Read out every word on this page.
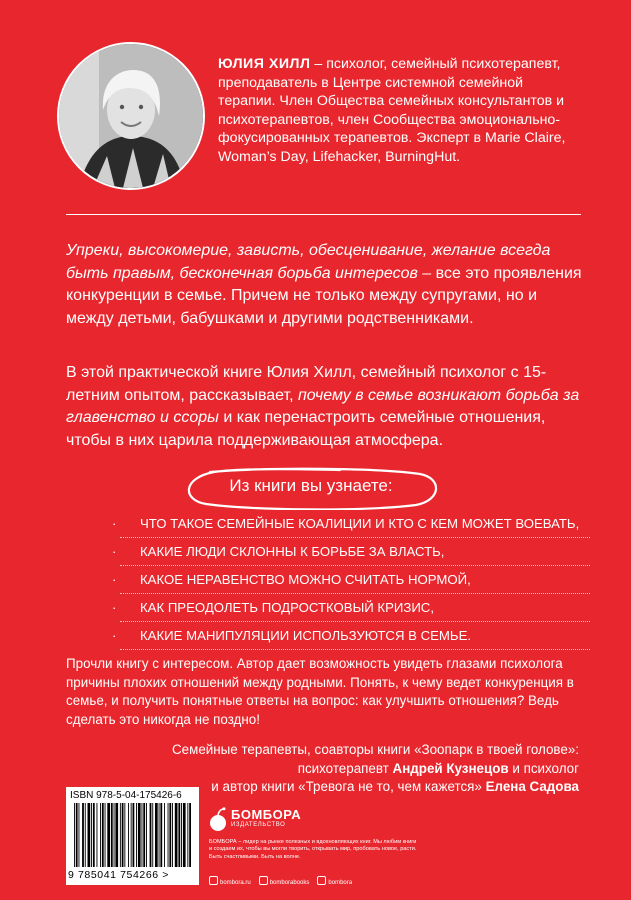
ЮЛИЯ ХИЛЛ – психолог, семейный психотерапевт, преподаватель в Центре системной семейной терапии. Член Общества семейных консультантов и психотерапевтов, член Сообщества эмоционально-фокусированных терапевтов. Эксперт в Marie Claire, Woman’s Day, Lifehacker, BurningHut.
Упреки, высокомерие, зависть, обесценивание, желание всегда быть правым, бесконечная борьба интересов – все это проявления конкуренции в семье. Причем не только между супругами, но и между детьми, бабушками и другими родственниками.
В этой практической книге Юлия Хилл, семейный психолог с 15-летним опытом, рассказывает, почему в семье возникают борьба за главенство и ссоры и как перенастроить семейные отношения, чтобы в них царила поддерживающая атмосфера.
Из книги вы узнаете:
· ЧТО ТАКОЕ СЕМЕЙНЫЕ КОАЛИЦИИ И КТО С КЕМ МОЖЕТ ВОЕВАТЬ,
· КАКИЕ ЛЮДИ СКЛОННЫ К БОРЬБЕ ЗА ВЛАСТЬ,
· КАКОЕ НЕРАВЕНСТВО МОЖНО СЧИТАТЬ НОРМОЙ,
· КАК ПРЕОДОЛЕТЬ ПОДРОСТКОВЫЙ КРИЗИС,
· КАКИЕ МАНИПУЛЯЦИИ ИСПОЛЬЗУЮТСЯ В СЕМЬЕ.
Прочли книгу с интересом. Автор дает возможность увидеть глазами психолога причины плохих отношений между родными. Понять, к чему ведет конкуренция в семье, и получить понятные ответы на вопрос: как улучшить отношения? Ведь сделать это никогда не поздно!
Семейные терапевты, соавторы книги «Зоопарк в твоей голове»:
психотерапевт Андрей Кузнецов и психолог
и автор книги «Тревога не то, чем кажется» Елена Садова
ISBN 978-5-04-175426-6
9 785041 754266 >
БОМБОРА
ИЗДАТЕЛЬСТВО
БОМБОРА – лидер на рынке полезных и вдохновляющих книг. Мы любим книги и создаем их, чтобы вы могли творить, открывать мир, пробовать новое, расти. Быть счастливыми. Быть на волне.
bombora.ru	bomborabooks	bombora
